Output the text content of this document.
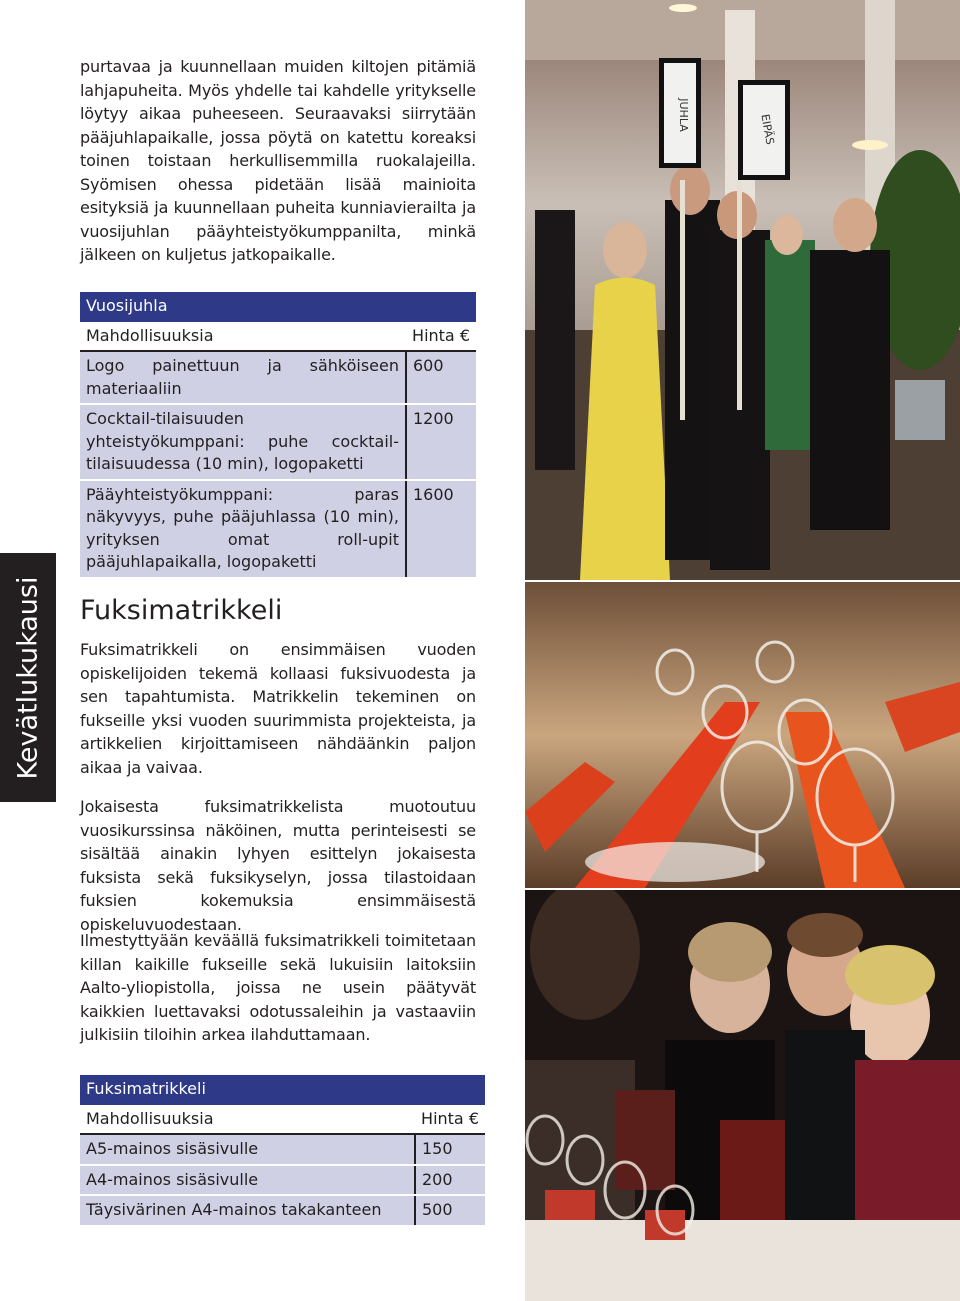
purtavaa ja kuunnellaan muiden kiltojen pitämiä lahjapuheita. Myös yhdelle tai kahdelle yritykselle löytyy aikaa puheeseen. Seuraavaksi siirrytään pääjuhlapaikalle, jossa pöytä on katettu koreaksi toinen toistaan herkullisemmilla ruokalajeilla. Syömisen ohessa pidetään lisää mainioita esityksiä ja kuunnellaan puheita kunniavierailta ja vuosijuhlan pääyhteistyökumppanilta, minkä jälkeen on kuljetus jatkopaikalle.

Vuosijuhla	
Mahdollisuuksia	Hinta €
Logo painettuun ja sähköiseen materiaaliin	600
Cocktail-tilaisuuden yhteistyökumppani: puhe cocktail-tilaisuudessa (10 min), logopaketti	1200
Pääyhteistyökumppani: paras näkyvyys, puhe pääjuhlassa (10 min), yrityksen omat roll-upit pääjuhlapaikalla, logopaketti	1600
Kevätlukukausi Fuksimatrikkeli

Fuksimatrikkeli on ensimmäisen vuoden opiskelijoiden tekemä kollaasi fuksivuodesta ja sen tapahtumista. Matrikkelin tekeminen on fukseille yksi vuoden suurimmista projekteista, ja artikkelien kirjoittamiseen nähdäänkin paljon aikaa ja vaivaa.

Jokaisesta fuksimatrikkelista muotoutuu vuosikurssinsa näköinen, mutta perinteisesti se sisältää ainakin lyhyen esittelyn jokaisesta fuksista sekä fuksikyselyn, jossa tilastoidaan fuksien kokemuksia ensimmäisestä opiskeluvuodestaan.

Ilmestyttyään keväällä fuksimatrikkeli toimitetaan killan kaikille fukseille sekä lukuisiin laitoksiin Aalto-yliopistolla, joissa ne usein päätyvät kaikkien luettavaksi odotussaleihin ja vastaaviin julkisiin tiloihin arkea ilahduttamaan.

Fuksimatrikkeli	
Mahdollisuuksia	Hinta €
A5-mainos sisäsivulle	150
A4-mainos sisäsivulle	200
Täysivärinen A4-mainos takakanteen	500
JUHLA	EIPÄS
